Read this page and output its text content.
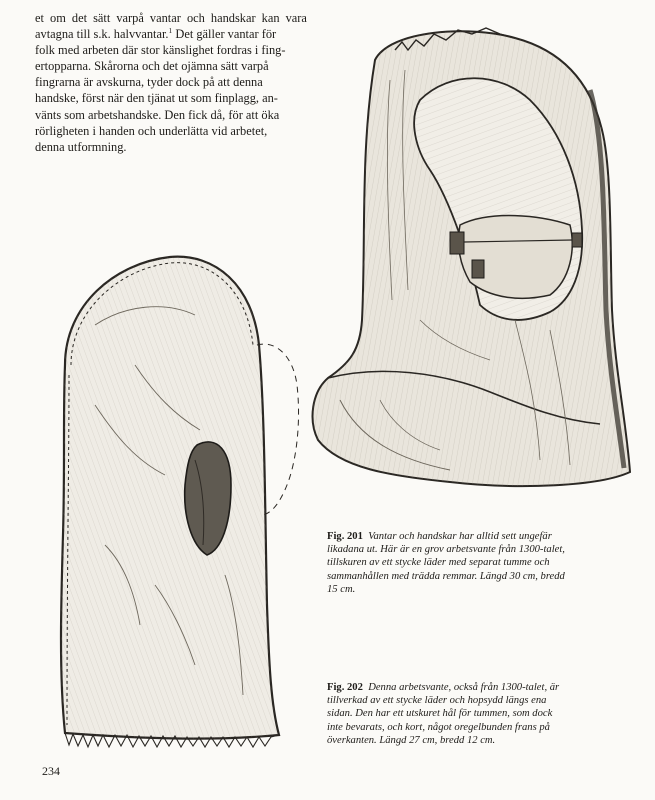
et om det sätt varpå vantar och handskar kan vara
avtagna till s.k. halvvantar.$^1$ Det gäller vantar för
folk med arbeten där stor känslighet fordras i fing-
ertopparna. Skårorna och det ojämna sätt varpå
fingrarna är avskurna, tyder dock på att denna
handske, först när den tjänat ut som finplagg, an-
vänts som arbetshandske. Den fick då, för att öka
rörligheten i handen och underlätta vid arbetet,
denna utformning.
Fig. 201 Vantar och handskar har alltid sett ungefär
likadana ut. Här är en grov arbetsvante från 1300-talet,
tillskuren av ett stycke läder med separat tumme och
sammanhållen med trädda remmar. Längd 30 cm, bredd
15 cm.
Fig. 202 Denna arbetsvante, också från 1300-talet, är
tillverkad av ett stycke läder och hopsydd längs ena
sidan. Den har ett utskuret hål för tummen, som dock
inte bevarats, och kort, något oregelbunden frans på
överkanten. Längd 27 cm, bredd 12 cm.
234
